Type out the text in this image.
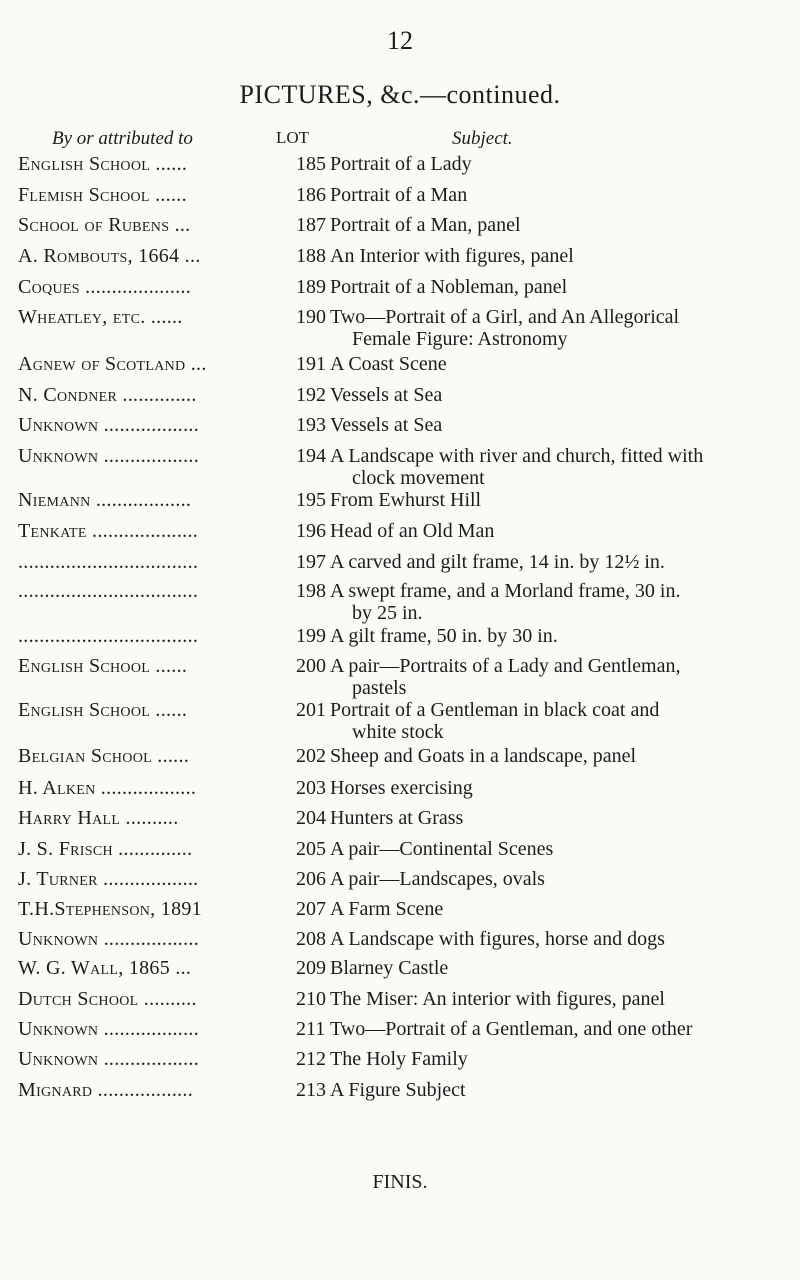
12
PICTURES, &c.—continued.
By or attributed to	LOT	Subject.
English School ......	185 Portrait of a Lady
Flemish School ......	186 Portrait of a Man
School of Rubens ...	187 Portrait of a Man, panel
A. Rombouts, 1664 ...	188 An Interior with figures, panel
Coques ....................	189 Portrait of a Nobleman, panel
Wheatley, etc. ......	190 Two—Portrait of a Girl, and An Allegorical
Female Figure: Astronomy
Agnew of Scotland ...	191 A Coast Scene
N. Condner ..............	192 Vessels at Sea
Unknown ..................	193 Vessels at Sea
Unknown ..................	194 A Landscape with river and church, fitted with
clock movement
Niemann ..................	195 From Ewhurst Hill
Tenkate ....................	196 Head of an Old Man
..................................	197 A carved and gilt frame, 14 in. by 12½ in.
..................................	198 A swept frame, and a Morland frame, 30 in.
by 25 in.
..................................	199 A gilt frame, 50 in. by 30 in.
English School ......	200 A pair—Portraits of a Lady and Gentleman,
pastels
English School ......	201 Portrait of a Gentleman in black coat and
white stock
Belgian School ......	202 Sheep and Goats in a landscape, panel
H. Alken ..................	203 Horses exercising
Harry Hall ..........	204 Hunters at Grass
J. S. Frisch ..............	205 A pair—Continental Scenes
J. Turner ..................	206 A pair—Landscapes, ovals
T.H.Stephenson, 1891	207 A Farm Scene
Unknown ..................	208 A Landscape with figures, horse and dogs
W. G. Wall, 1865 ...	209 Blarney Castle
Dutch School ..........	210 The Miser: An interior with figures, panel
Unknown ..................	211 Two—Portrait of a Gentleman, and one other
Unknown ..................	212 The Holy Family
Mignard ..................	213 A Figure Subject
FINIS.
